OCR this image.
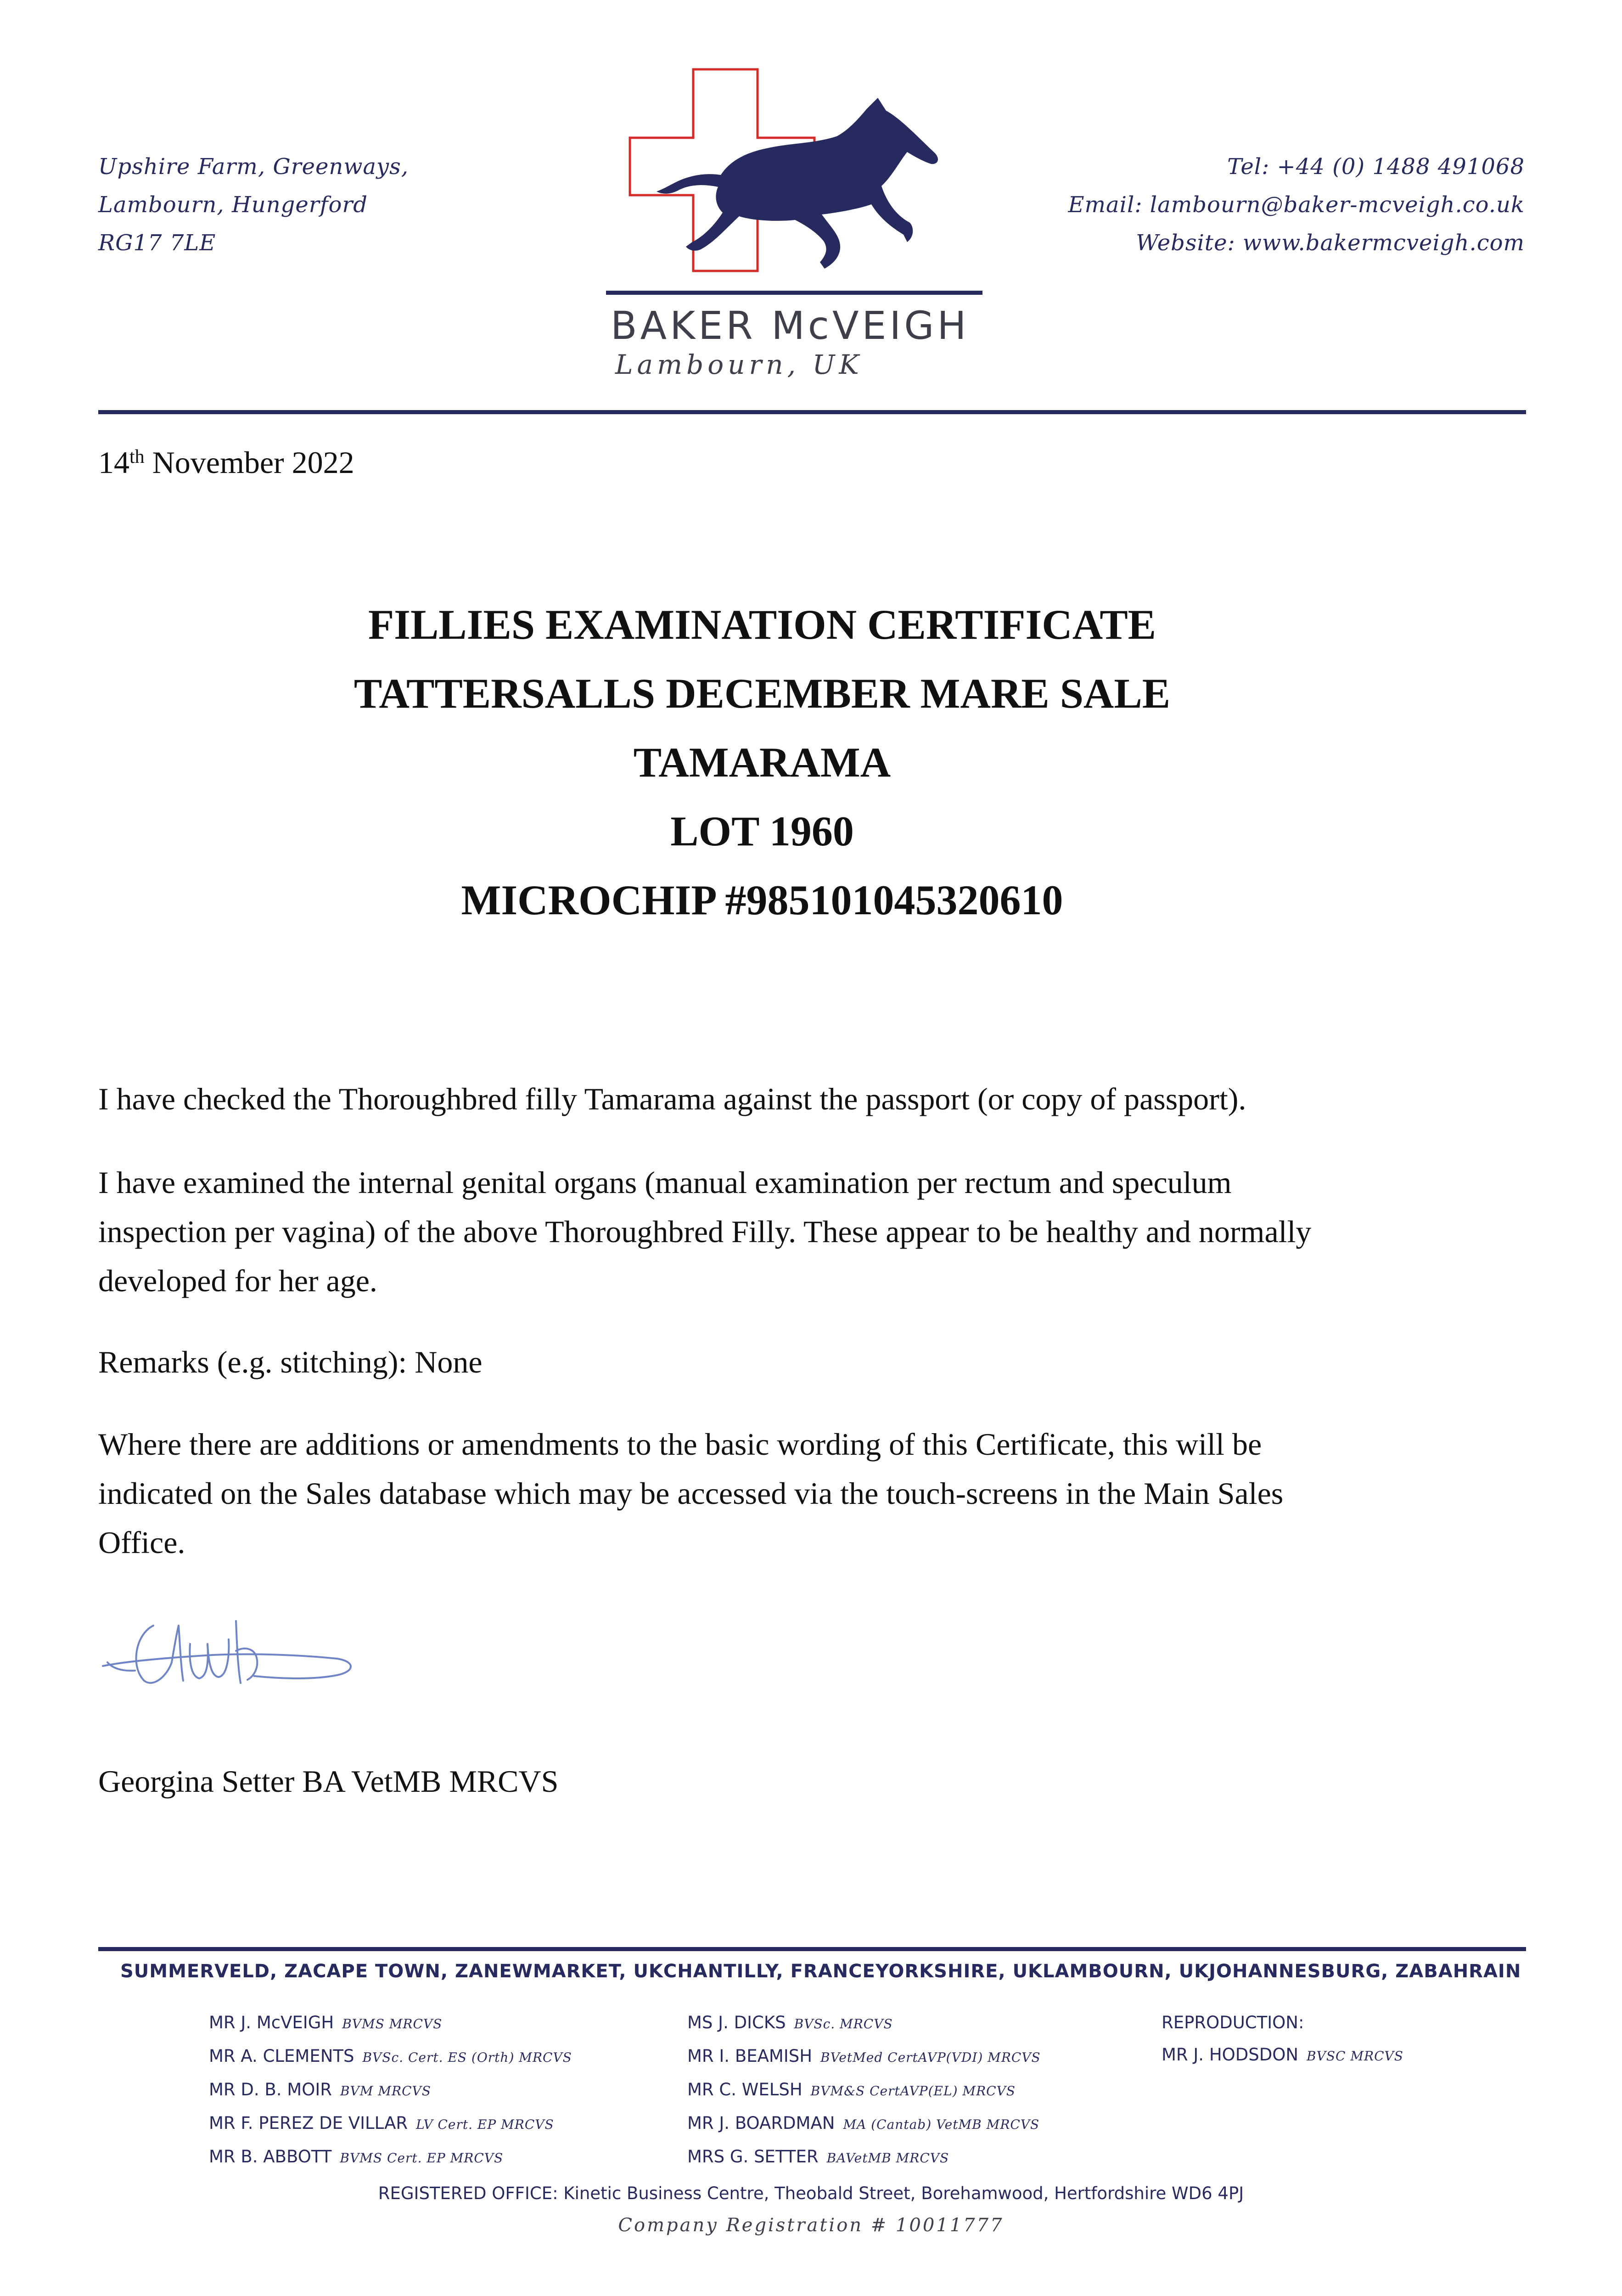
Upshire Farm, Greenways,
Lambourn, Hungerford
RG17 7LE
Tel: +44 (0) 1488 491068
Email: lambourn@baker-mcveigh.co.uk
Website: www.bakermcveigh.com
BAKER McVEIGH
Lambourn, UK
14th November 2022
FILLIES EXAMINATION CERTIFICATE
TATTERSALLS DECEMBER MARE SALE
TAMARAMA
LOT 1960
MICROCHIP #985101045320610
I have checked the Thoroughbred filly Tamarama against the passport (or copy of passport).
I have examined the internal genital organs (manual examination per rectum and speculum
inspection per vagina) of the above Thoroughbred Filly. These appear to be healthy and normally
developed for her age.
Remarks (e.g. stitching): None
Where there are additions or amendments to the basic wording of this Certificate, this will be
indicated on the Sales database which may be accessed via the touch-screens in the Main Sales
Office.
Georgina Setter BA VetMB MRCVS
SUMMERVELD, ZA CAPE TOWN, ZA NEWMARKET, UK CHANTILLY, FRANCE YORKSHIRE, UK LAMBOURN, UK JOHANNESBURG, ZA BAHRAIN
MR J. McVEIGH BVMS MRCVS
MR A. CLEMENTS BVSc. Cert. ES (Orth) MRCVS
MR D. B. MOIR BVM MRCVS
MR F. PEREZ DE VILLAR LV Cert. EP MRCVS
MR B. ABBOTT BVMS Cert. EP MRCVS
MS J. DICKS BVSc. MRCVS
MR I. BEAMISH BVetMed CertAVP(VDI) MRCVS
MR C. WELSH BVM&S CertAVP(EL) MRCVS
MR J. BOARDMAN MA (Cantab) VetMB MRCVS
MRS G. SETTER BAVetMB MRCVS
REPRODUCTION:
MR J. HODSDON BVSC MRCVS
REGISTERED OFFICE: Kinetic Business Centre, Theobald Street, Borehamwood, Hertfordshire WD6 4PJ
Company Registration # 10011777
